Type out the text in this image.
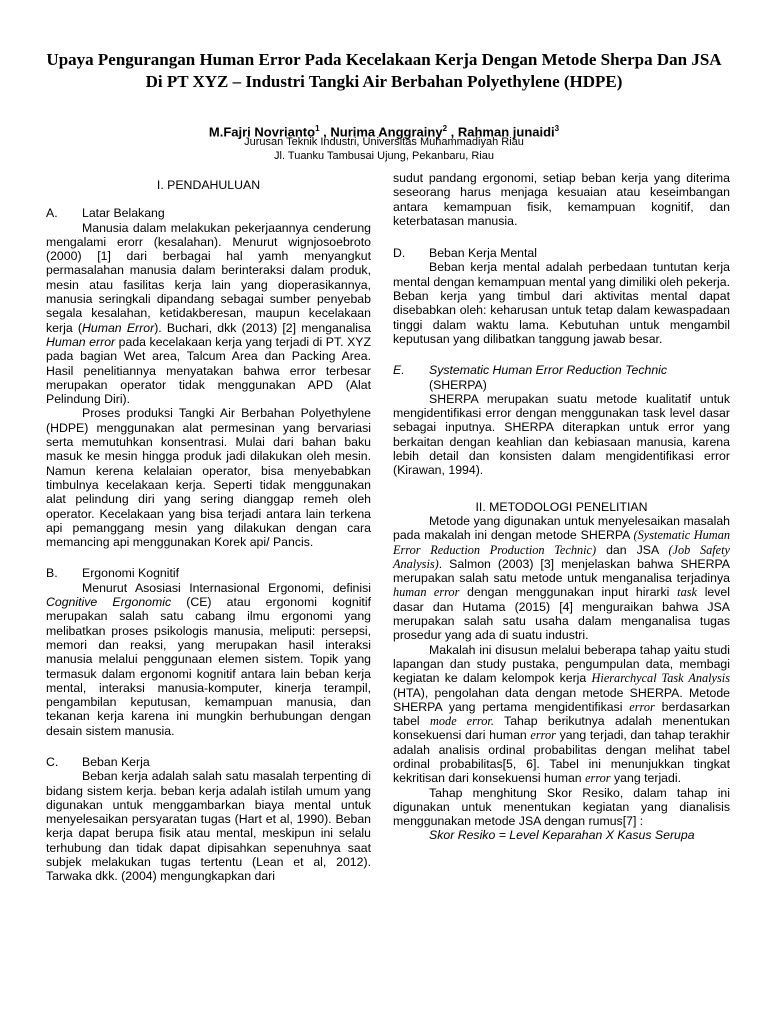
Upaya Pengurangan Human Error Pada Kecelakaan Kerja Dengan Metode Sherpa Dan JSA Di PT XYZ – Industri Tangki Air Berbahan Polyethylene (HDPE)
M.Fajri Novrianto$^1$ , Nurima Anggrainy$^2$ , Rahman junaidi$^3$
Jurusan Teknik Industri, Universitas Muhammadiyah Riau
Jl. Tuanku Tambusai Ujung, Pekanbaru, Riau
I. PENDAHULUAN
A.	Latar Belakang

Manusia dalam melakukan pekerjaannya cenderung mengalami erorr (kesalahan). Menurut wignjosoebroto (2000) [1] dari berbagai hal yamh menyangkut permasalahan manusia dalam berinteraksi dalam produk, mesin atau fasilitas kerja lain yang dioperasikannya, manusia seringkali dipandang sebagai sumber penyebab segala kesalahan, ketidakberesan, maupun kecelakaan kerja (Human Error). Buchari, dkk (2013) [2] menganalisa Human error pada kecelakaan kerja yang terjadi di PT. XYZ pada bagian Wet area, Talcum Area dan Packing Area. Hasil penelitiannya menyatakan bahwa error terbesar merupakan operator tidak menggunakan APD (Alat Pelindung Diri).

Proses produksi Tangki Air Berbahan Polyethylene (HDPE) menggunakan alat permesinan yang bervariasi serta memutuhkan konsentrasi. Mulai dari bahan baku masuk ke mesin hingga produk jadi dilakukan oleh mesin. Namun kerena kelalaian operator, bisa menyebabkan timbulnya kecelakaan kerja. Seperti tidak menggunakan alat pelindung diri yang sering dianggap remeh oleh operator. Kecelakaan yang bisa terjadi antara lain terkena api pemanggang mesin yang dilakukan dengan cara memancing api menggunakan Korek api/ Pancis.

B.	Ergonomi Kognitif

Menurut Asosiasi Internasional Ergonomi, definisi Cognitive Ergonomic (CE) atau ergonomi kognitif merupakan salah satu cabang ilmu ergonomi yang melibatkan proses psikologis manusia, meliputi: persepsi, memori dan reaksi, yang merupakan hasil interaksi manusia melalui penggunaan elemen sistem. Topik yang termasuk dalam ergonomi kognitif antara lain beban kerja mental, interaksi manusia-komputer, kinerja terampil, pengambilan keputusan, kemampuan manusia, dan tekanan kerja karena ini mungkin berhubungan dengan desain sistem manusia.

C.	Beban Kerja

Beban kerja adalah salah satu masalah terpenting di bidang sistem kerja. beban kerja adalah istilah umum yang digunakan untuk menggambarkan biaya mental untuk menyelesaikan persyaratan tugas (Hart et al, 1990). Beban kerja dapat berupa fisik atau mental, meskipun ini selalu terhubung dan tidak dapat dipisahkan sepenuhnya saat subjek melakukan tugas tertentu (Lean et al, 2012). Tarwaka dkk. (2004) mengungkapkan dari

sudut pandang ergonomi, setiap beban kerja yang diterima seseorang harus menjaga kesuaian atau keseimbangan antara kemampuan fisik, kemampuan kognitif, dan keterbatasan manusia.

D.	Beban Kerja Mental

Beban kerja mental adalah perbedaan tuntutan kerja mental dengan kemampuan mental yang dimiliki oleh pekerja. Beban kerja yang timbul dari aktivitas mental dapat disebabkan oleh: keharusan untuk tetap dalam kewaspadaan tinggi dalam waktu lama. Kebutuhan untuk mengambil keputusan yang dilibatkan tanggung jawab besar.

E.	Systematic Human Error Reduction Technic
(SHERPA)

SHERPA merupakan suatu metode kualitatif untuk mengidentifikasi error dengan menggunakan task level dasar sebagai inputnya. SHERPA diterapkan untuk error yang berkaitan dengan keahlian dan kebiasaan manusia, karena lebih detail dan konsisten dalam mengidentifikasi error (Kirawan, 1994).

II. METODOLOGI PENELITIAN

Metode yang digunakan untuk menyelesaikan masalah pada makalah ini dengan metode SHERPA (Systematic Human Error Reduction Production Technic) dan JSA (Job Safety Analysis). Salmon (2003) [3] menjelaskan bahwa SHERPA merupakan salah satu metode untuk menganalisa terjadinya human error dengan menggunakan input hirarki task level dasar dan Hutama (2015) [4] menguraikan bahwa JSA merupakan salah satu usaha dalam menganalisa tugas prosedur yang ada di suatu industri.

Makalah ini disusun melalui beberapa tahap yaitu studi lapangan dan study pustaka, pengumpulan data, membagi kegiatan ke dalam kelompok kerja Hierarchycal Task Analysis (HTA), pengolahan data dengan metode SHERPA. Metode SHERPA yang pertama mengidentifikasi error berdasarkan tabel mode error. Tahap berikutnya adalah menentukan konsekuensi dari human error yang terjadi, dan tahap terakhir adalah analisis ordinal probabilitas dengan melihat tabel ordinal probabilitas[5, 6]. Tabel ini menunjukkan tingkat kekritisan dari konsekuensi human error yang terjadi.

Tahap menghitung Skor Resiko, dalam tahap ini digunakan untuk menentukan kegiatan yang dianalisis menggunakan metode JSA dengan rumus[7] :

Skor Resiko = Level Keparahan X Kasus Serupa
